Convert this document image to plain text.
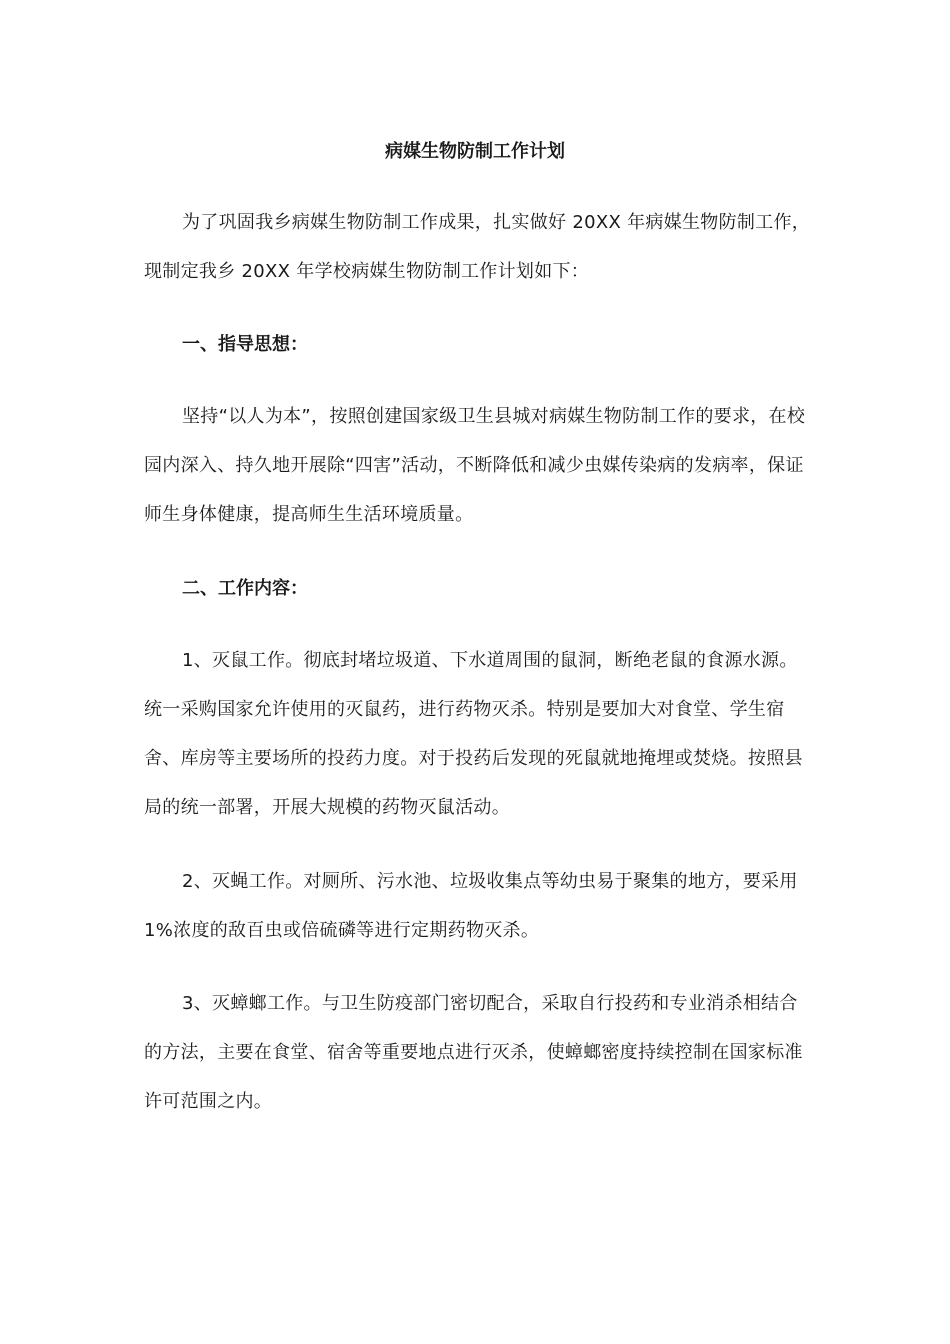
病媒生物防制工作计划

为了巩固我乡病媒生物防制工作成果，扎实做好 20XX 年病媒生物防制工作，现制定我乡 20XX 年学校病媒生物防制工作计划如下：

一、指导思想：

坚持“以人为本”，按照创建国家级卫生县城对病媒生物防制工作的要求，在校园内深入、持久地开展除“四害”活动，不断降低和减少虫媒传染病的发病率，保证师生身体健康，提高师生生活环境质量。

二、工作内容：

1、灭鼠工作。彻底封堵垃圾道、下水道周围的鼠洞，断绝老鼠的食源水源。统一采购国家允许使用的灭鼠药，进行药物灭杀。特别是要加大对食堂、学生宿舍、库房等主要场所的投药力度。对于投药后发现的死鼠就地掩埋或焚烧。按照县局的统一部署，开展大规模的药物灭鼠活动。

2、灭蝇工作。对厕所、污水池、垃圾收集点等幼虫易于聚集的地方，要采用 1%浓度的敌百虫或倍硫磷等进行定期药物灭杀。

3、灭蟑螂工作。与卫生防疫部门密切配合，采取自行投药和专业消杀相结合的方法，主要在食堂、宿舍等重要地点进行灭杀，使蟑螂密度持续控制在国家标准许可范围之内。
